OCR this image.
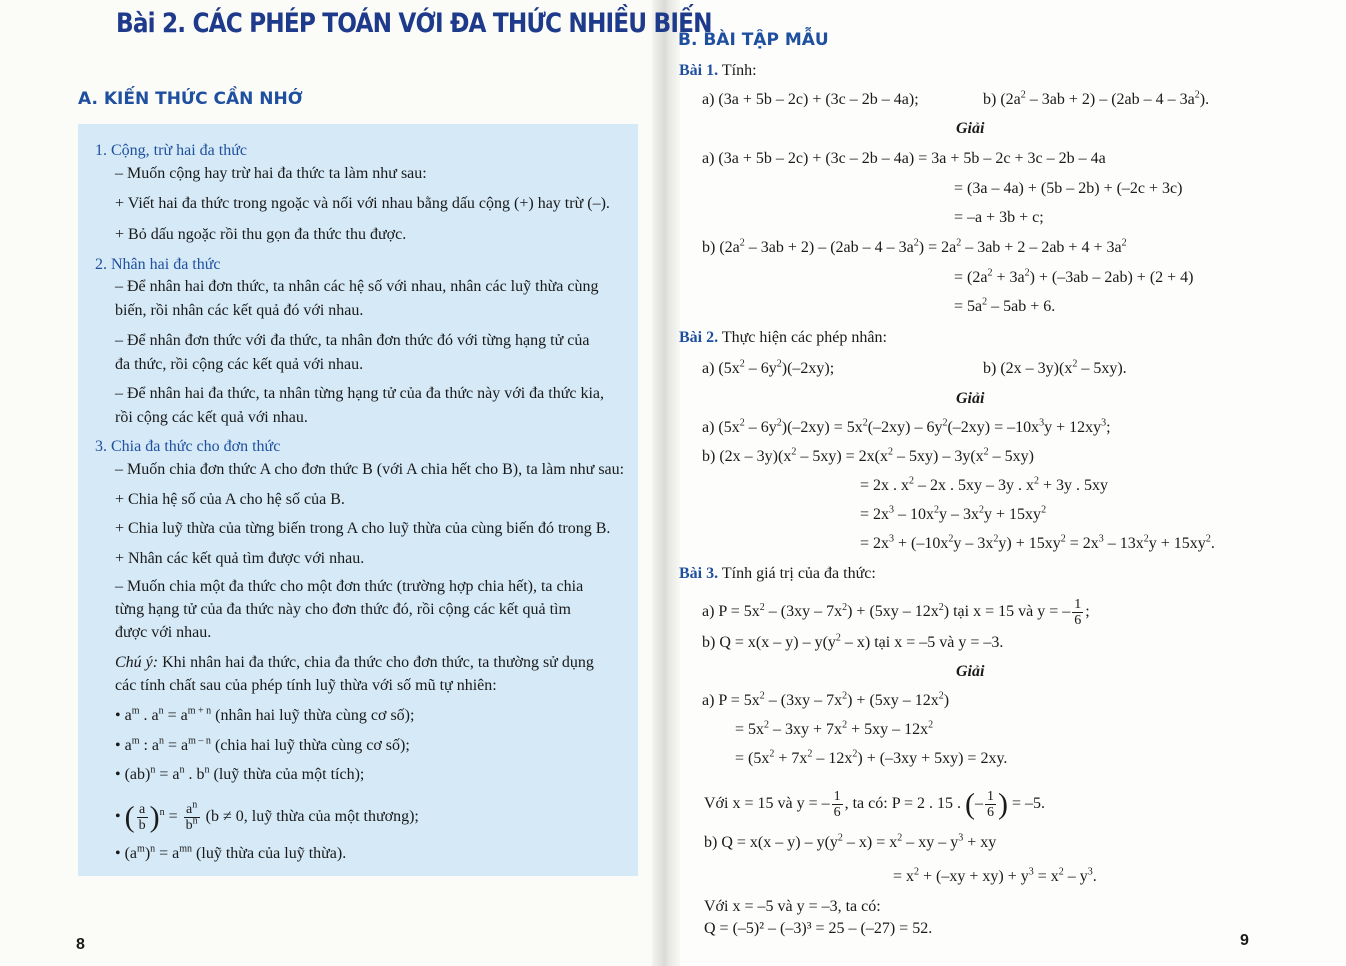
Bài 2. CÁC PHÉP TOÁN VỚI ĐA THỨC NHIỀU BIẾN
A. KIẾN THỨC CẦN NHỚ
1. Cộng, trừ hai đa thức
– Muốn cộng hay trừ hai đa thức ta làm như sau:
+ Viết hai đa thức trong ngoặc và nối với nhau bằng dấu cộng (+) hay trừ (–).
+ Bỏ dấu ngoặc rồi thu gọn đa thức thu được.
2. Nhân hai đa thức
– Để nhân hai đơn thức, ta nhân các hệ số với nhau, nhân các luỹ thừa cùng
biến, rồi nhân các kết quả đó với nhau.
– Để nhân đơn thức với đa thức, ta nhân đơn thức đó với từng hạng tử của
đa thức, rồi cộng các kết quả với nhau.
– Để nhân hai đa thức, ta nhân từng hạng tử của đa thức này với đa thức kia,
rồi cộng các kết quả với nhau.
3. Chia đa thức cho đơn thức
– Muốn chia đơn thức A cho đơn thức B (với A chia hết cho B), ta làm như sau:
+ Chia hệ số của A cho hệ số của B.
+ Chia luỹ thừa của từng biến trong A cho luỹ thừa của cùng biến đó trong B.
+ Nhân các kết quả tìm được với nhau.
– Muốn chia một đa thức cho một đơn thức (trường hợp chia hết), ta chia
từng hạng tử của đa thức này cho đơn thức đó, rồi cộng các kết quả tìm
được với nhau.
Chú ý: Khi nhân hai đa thức, chia đa thức cho đơn thức, ta thường sử dụng
các tính chất sau của phép tính luỹ thừa với số mũ tự nhiên:
• $a^m$ . $a^n = a^{m + n}$ (nhân hai luỹ thừa cùng cơ số);
• $a^m$ : $a^n = a^{m - n}$ (chia hai luỹ thừa cùng cơ số);
• $(ab)^n = a^n$ . $b^n$ (luỹ thừa của một tích);
• ( $\frac{a}{b} )^n = \frac{a^n}{b^n} (b \ne 0$, luỹ thừa của một thương);
• $(a^m)^n = a^{mn}$ (luỹ thừa của luỹ thừa).
8
B. BÀI TẬP MẪU
Bài 1. Tính:
a) (3a + 5b – 2c) + (3c – 2b – 4a);	b) $(2a^2 - 3ab + 2) - (2ab - 4 - 3a^2)$.
Giải
a) (3a + 5b – 2c) + (3c – 2b – 4a) = 3a + 5b – 2c + 3c – 2b – 4a
= (3a – 4a) + (5b – 2b) + (–2c + 3c)
= –a + 3b + c;
b) $(2a^2 - 3ab + 2) - (2ab - 4 - 3a^2) = 2a^2 - 3ab + 2 - 2ab + 4 + 3a^2$
= $(2a^2 + 3a^2) + (-3ab - 2ab) + (2 + 4)$
= $5a^2 - 5ab + 6$.
Bài 2. Thực hiện các phép nhân:
a) $(5x^2 - 6y^2)(-2xy)$;	b) $(2x - 3y)(x^2 - 5xy)$.
Giải
a) $(5x^2 - 6y^2)(-2xy) = 5x^2(-2xy) - 6y^2(-2xy) = -10x^3y + 12xy^3$;
b) $(2x - 3y)(x^2 - 5xy) = 2x(x^2 - 5xy) - 3y(x^2 - 5xy)$
= 2x . $x^2 - 2x$ . 5xy – 3y . $x^2 + 3y$ . 5xy
= $2x^3 - 10x^2y - 3x^2y + 15xy^2$
= $2x^3 + (-10x^2y - 3x^2y) + 15xy^2 = 2x^3 - 13x^2y + 15xy^2$.
Bài 3. Tính giá trị của đa thức:
a) $P = 5x^2 - (3xy - 7x^2) + (5xy - 12x^2)$ tại x = 15 và y = – $\frac{1}{6}$ ;
b) $Q = x(x - y) - y(y^2 - x)$ tại x = –5 và y = –3.
Giải
a) $P = 5x^2 - (3xy - 7x^2) + (5xy - 12x^2)$
= $5x^2 - 3xy + 7x^2 + 5xy - 12x^2$
= $(5x^2 + 7x^2 - 12x^2) + (-3xy + 5xy) = 2xy$.
Với x = 15 và y = – $\frac{1}{6}$ , ta có: P = 2 . 15 . (– $\frac{1}{6}$ ) = –5.
b) $Q = x(x - y) - y(y^2 - x) = x^2$ – xy – $y^3$ + xy
= $x^2 + (-xy + xy) + y^3 = x^2 - y^3$.
Với x = –5 và y = –3, ta có:
Q = (–5)² – (–3)³ = 25 – (–27) = 52.
9
